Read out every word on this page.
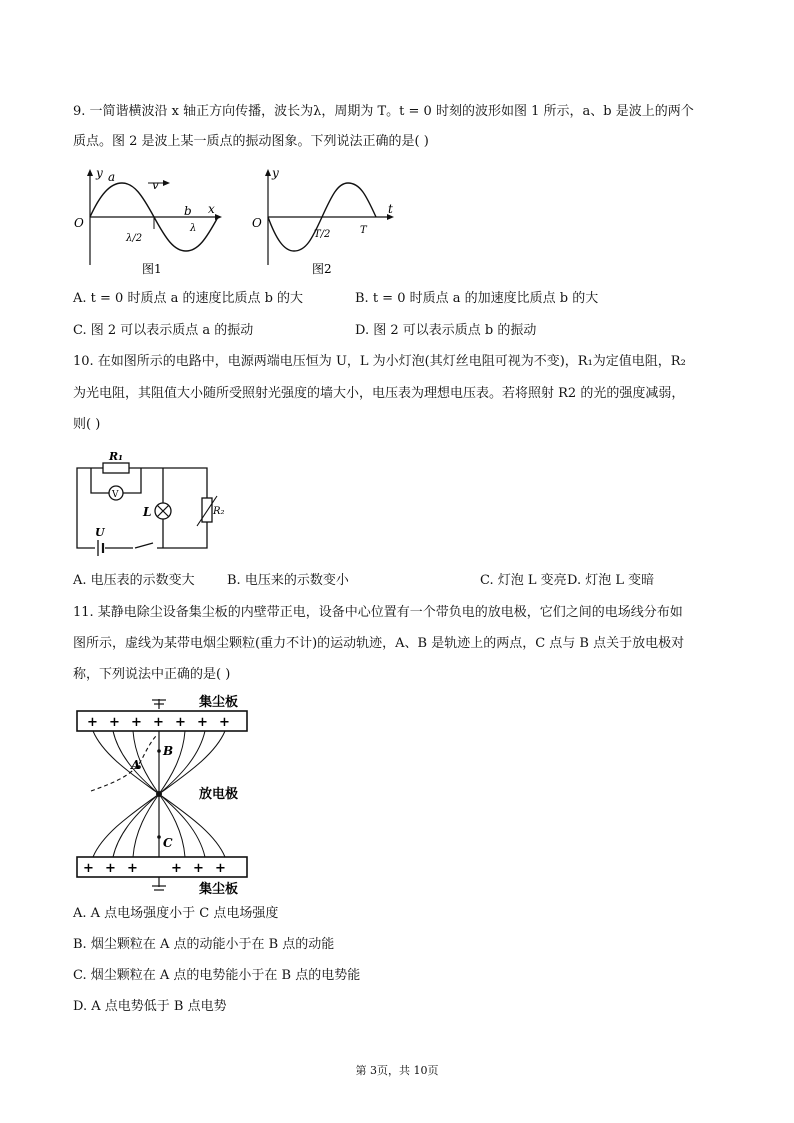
9. 一简谐横波沿 x 轴正方向传播，波长为λ，周期为 T。t = 0 时刻的波形如图 1 所示，a、b 是波上的两个
质点。图 2 是波上某一质点的振动图象。下列说法正确的是( )
y
O
a
v
b x
λ/2
λ
图1
y
O
t
T/2	T
图2
A. t = 0 时质点 a 的速度比质点 b 的大	B. t = 0 时质点 a 的加速度比质点 b 的大
C. 图 2 可以表示质点 a 的振动	D. 图 2 可以表示质点 b 的振动
10. 在如图所示的电路中，电源两端电压恒为 U，L 为小灯泡(其灯丝电阻可视为不变)，R₁为定值电阻，R₂
为光电阻，其阻值大小随所受照射光强度的墙大小，电压表为理想电压表。若将照射 R2 的光的强度减弱，
则( )
R₁
V
L	R₂
U
A. 电压表的示数变大 B. 电压来的示数变小	C. 灯泡 L 变亮 D. 灯泡 L 变暗
11. 某静电除尘设备集尘板的内壁带正电，设备中心位置有一个带负电的放电极，它们之间的电场线分布如
图所示，虚线为某带电烟尘颗粒(重力不计)的运动轨迹，A、B 是轨迹上的两点，C 点与 B 点关于放电极对
称，下列说法中正确的是( )
+ + + + + + +
+ + +	+ + +
集尘板
放电极
集尘板
A
B
C
A. A 点电场强度小于 C 点电场强度
B. 烟尘颗粒在 A 点的动能小于在 B 点的动能
C. 烟尘颗粒在 A 点的电势能小于在 B 点的电势能
D. A 点电势低于 B 点电势
第 3页，共 10页
